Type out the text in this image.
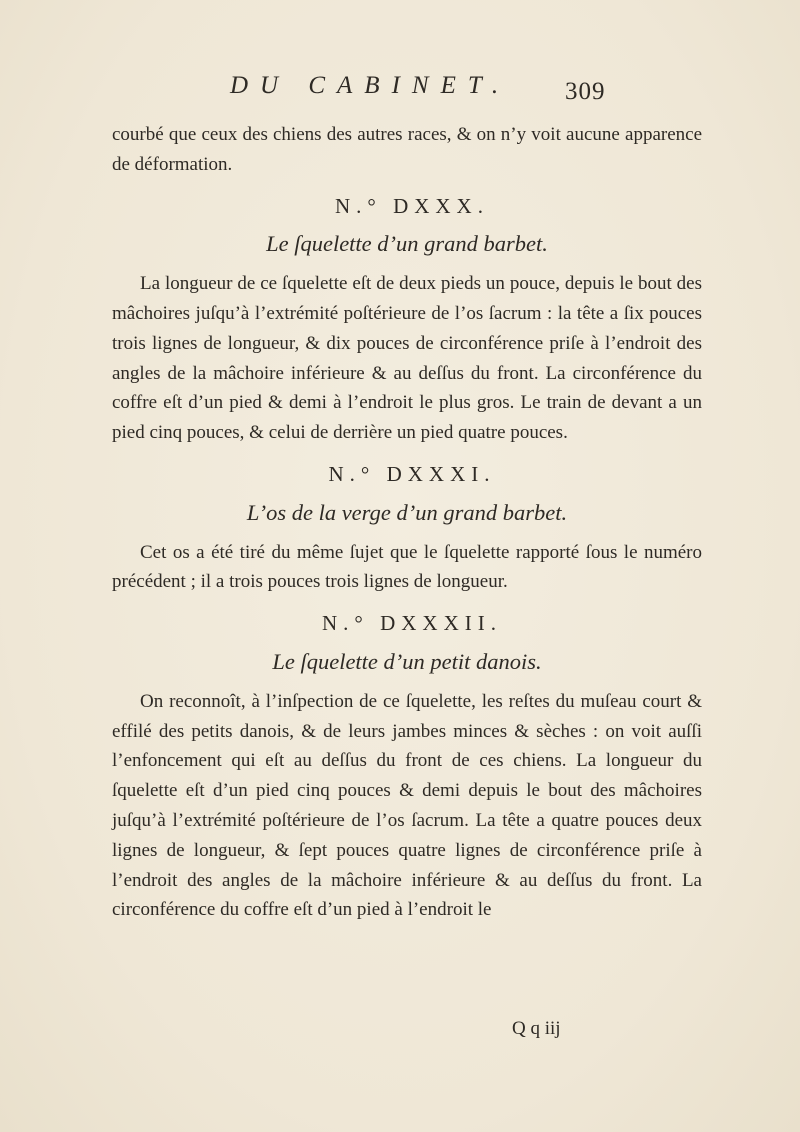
DU CABINET. 309

courbé que ceux des chiens des autres races, & on n’y voit aucune apparence de déformation.

N.° DXXX.
Le ſquelette d’un grand barbet.

La longueur de ce ſquelette eſt de deux pieds un pouce, depuis le bout des mâchoires juſqu’à l’extrémité poſtérieure de l’os ſacrum : la tête a ſix pouces trois lignes de longueur, & dix pouces de circonférence priſe à l’endroit des angles de la mâchoire inférieure & au deſſus du front. La circonférence du coffre eſt d’un pied & demi à l’endroit le plus gros. Le train de devant a un pied cinq pouces, & celui de derrière un pied quatre pouces.

N.° DXXXI.
L’os de la verge d’un grand barbet.

Cet os a été tiré du même ſujet que le ſquelette rapporté ſous le numéro précédent ; il a trois pouces trois lignes de longueur.

N.° DXXXII.
Le ſquelette d’un petit danois.

On reconnoît, à l’inſpection de ce ſquelette, les reſtes du muſeau court & effilé des petits danois, & de leurs jambes minces & sèches : on voit auſſi l’enfoncement qui eſt au deſſus du front de ces chiens. La longueur du ſquelette eſt d’un pied cinq pouces & demi depuis le bout des mâchoires juſqu’à l’extrémité poſtérieure de l’os ſacrum. La tête a quatre pouces deux lignes de longueur, & ſept pouces quatre lignes de circonférence priſe à l’endroit des angles de la mâchoire inférieure & au deſſus du front. La circonférence du coffre eſt d’un pied à l’endroit le

Q q iij
